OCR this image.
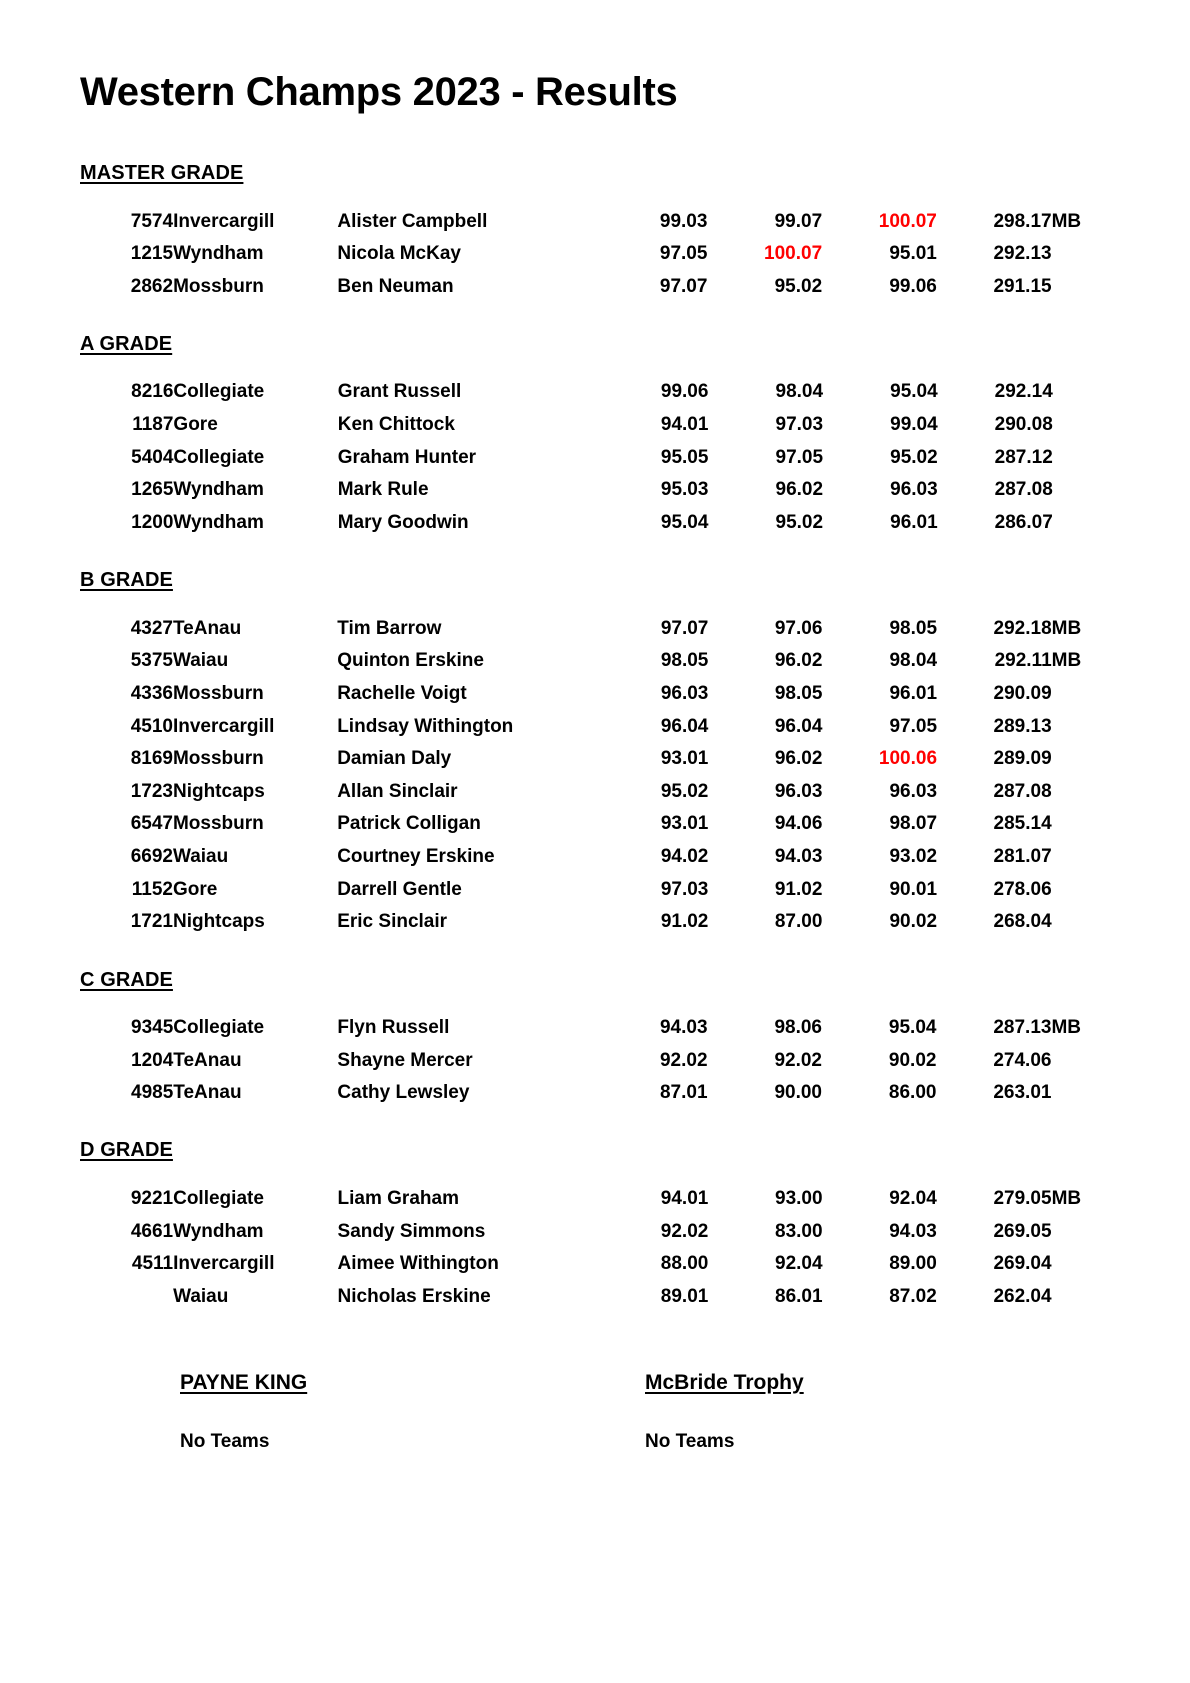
Western Champs 2023 - Results
MASTER GRADE
7574	Invercargill	Alister Campbell	99.03	99.07	100.07	298.17	MB
1215	Wyndham	Nicola McKay	97.05	100.07	95.01	292.13	
2862	Mossburn	Ben Neuman	97.07	95.02	99.06	291.15	
A GRADE
8216	Collegiate	Grant Russell	99.06	98.04	95.04	292.14	
1187	Gore	Ken Chittock	94.01	97.03	99.04	290.08	
5404	Collegiate	Graham Hunter	95.05	97.05	95.02	287.12	
1265	Wyndham	Mark Rule	95.03	96.02	96.03	287.08	
1200	Wyndham	Mary Goodwin	95.04	95.02	96.01	286.07	
B GRADE
4327	TeAnau	Tim Barrow	97.07	97.06	98.05	292.18	MB
5375	Waiau	Quinton Erskine	98.05	96.02	98.04	292.11	MB
4336	Mossburn	Rachelle Voigt	96.03	98.05	96.01	290.09	
4510	Invercargill	Lindsay Withington	96.04	96.04	97.05	289.13	
8169	Mossburn	Damian Daly	93.01	96.02	100.06	289.09	
1723	Nightcaps	Allan Sinclair	95.02	96.03	96.03	287.08	
6547	Mossburn	Patrick Colligan	93.01	94.06	98.07	285.14	
6692	Waiau	Courtney Erskine	94.02	94.03	93.02	281.07	
1152	Gore	Darrell Gentle	97.03	91.02	90.01	278.06	
1721	Nightcaps	Eric Sinclair	91.02	87.00	90.02	268.04	
C GRADE
9345	Collegiate	Flyn Russell	94.03	98.06	95.04	287.13	MB
1204	TeAnau	Shayne Mercer	92.02	92.02	90.02	274.06	
4985	TeAnau	Cathy Lewsley	87.01	90.00	86.00	263.01	
D GRADE
9221	Collegiate	Liam Graham	94.01	93.00	92.04	279.05	MB
4661	Wyndham	Sandy Simmons	92.02	83.00	94.03	269.05	
4511	Invercargill	Aimee Withington	88.00	92.04	89.00	269.04	
	Waiau	Nicholas Erskine	89.01	86.01	87.02	262.04	
PAYNE KING

No Teams

McBride Trophy

No Teams
